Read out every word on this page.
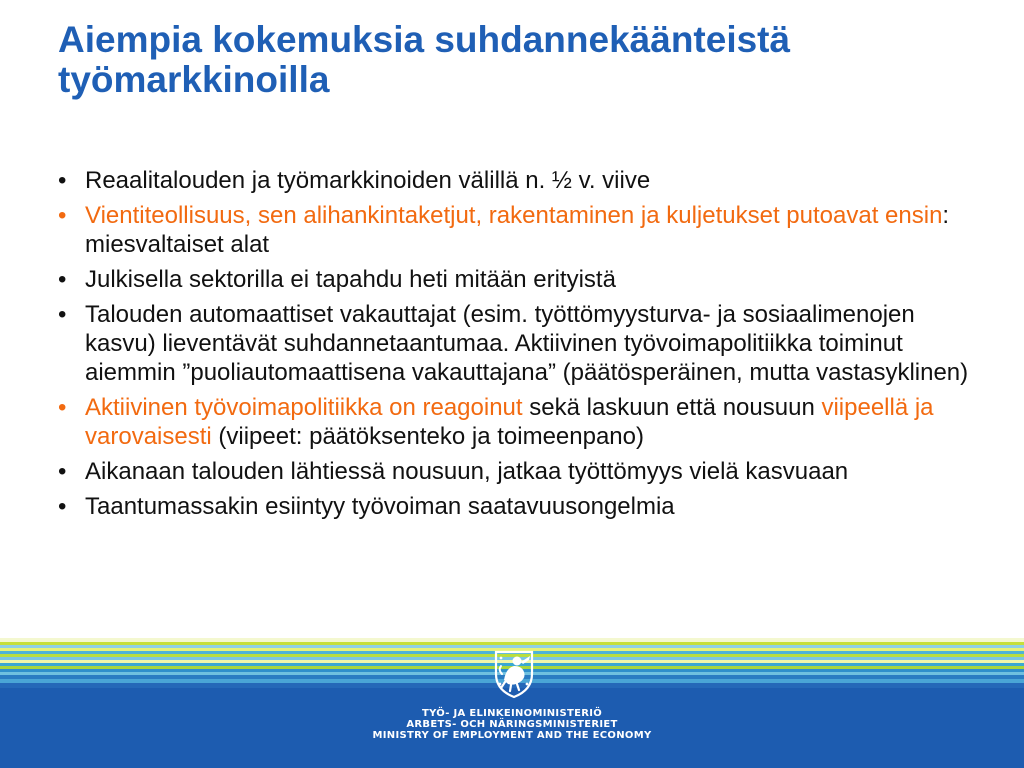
Aiempia kokemuksia suhdannekäänteistä
työmarkkinoilla
• Reaalitalouden ja työmarkkinoiden välillä n. ½ v. viive
• Vientiteollisuus, sen alihankintaketjut, rakentaminen ja kuljetukset putoavat ensin: miesvaltaiset alat
• Julkisella sektorilla ei tapahdu heti mitään erityistä
• Talouden automaattiset vakauttajat (esim. työttömyysturva- ja sosiaalimenojen kasvu) lieventävät suhdannetaantumaa. Aktiivinen työvoimapolitiikka toiminut aiemmin ”puoliautomaattisena vakauttajana” (päätösperäinen, mutta vastasyklinen)
• Aktiivinen työvoimapolitiikka on reagoinut sekä laskuun että nousuun viipeellä ja varovaisesti (viipeet: päätöksenteko ja toimeenpano)
• Aikanaan talouden lähtiessä nousuun, jatkaa työttömyys vielä kasvuaan
• Taantumassakin esiintyy työvoiman saatavuusongelmia
TYÖ- JA ELINKEINOMINISTERIÖ
ARBETS- OCH NÄRINGSMINISTERIET
MINISTRY OF EMPLOYMENT AND THE ECONOMY
